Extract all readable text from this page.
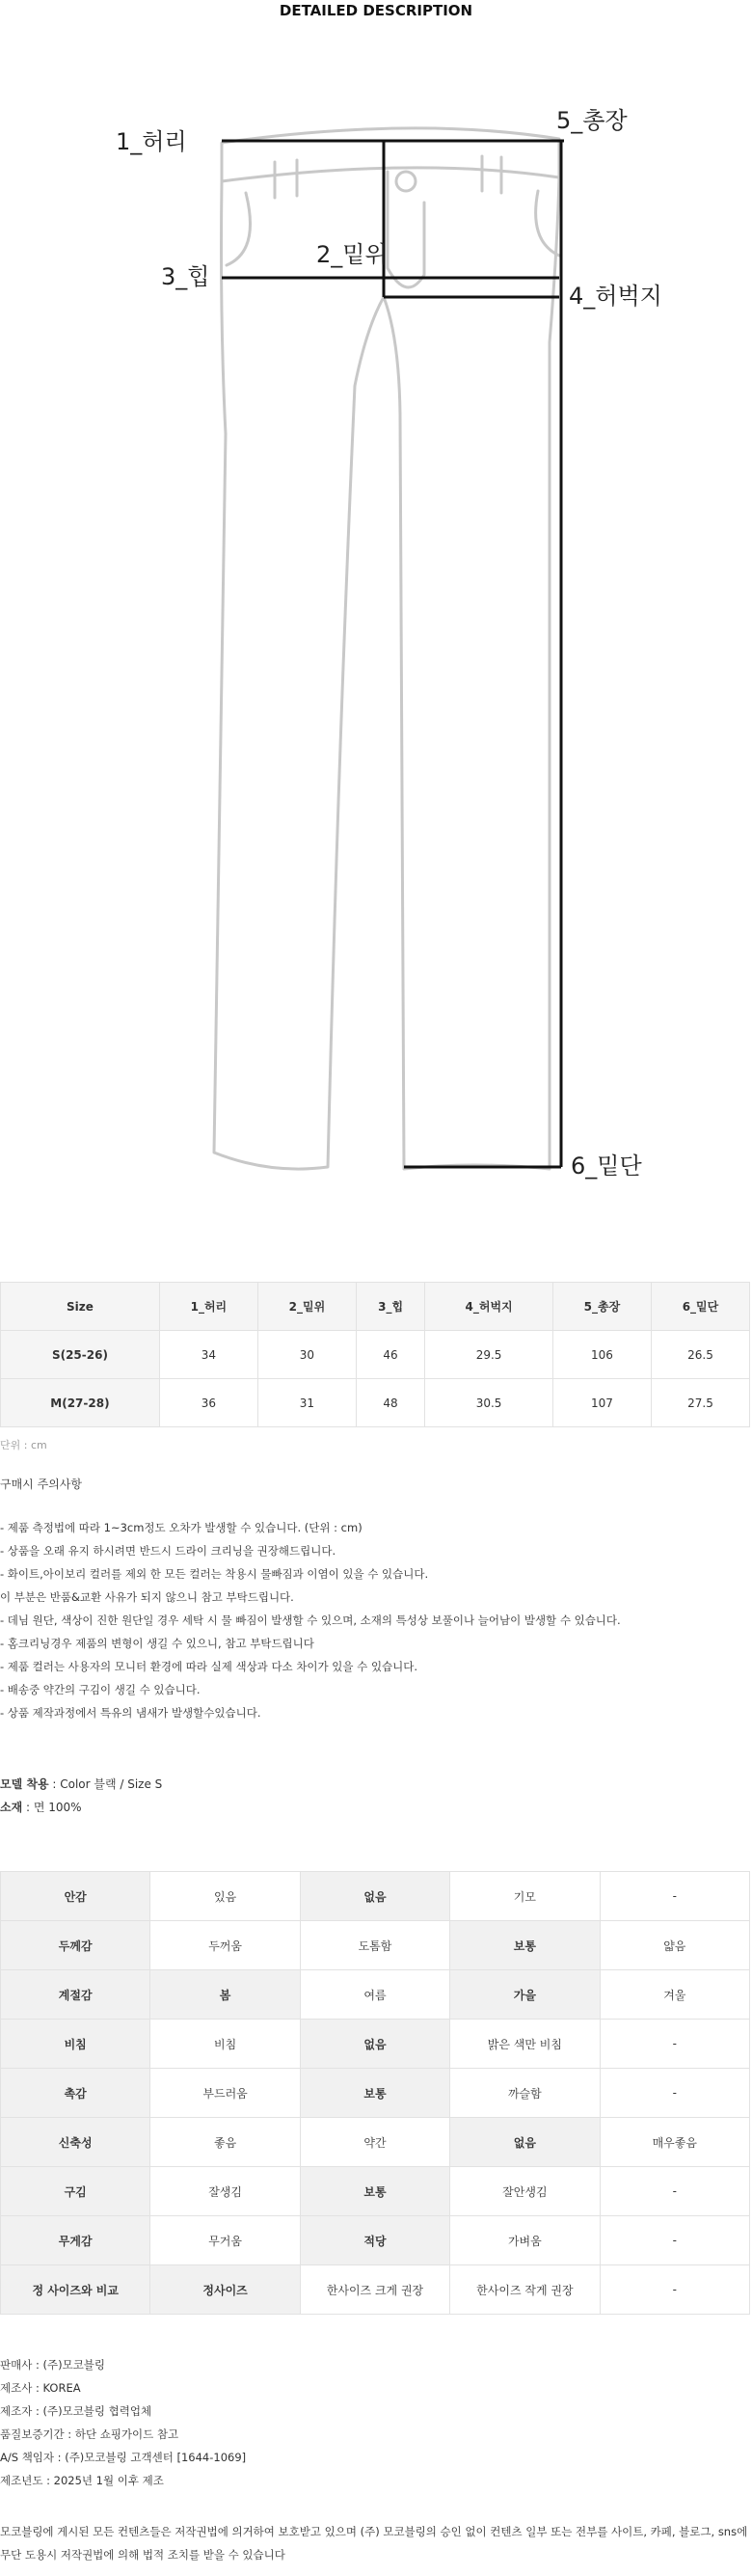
DETAILED DESCRIPTION
1_허리
2_밑위
3_힙
4_허벅지
5_총장
6_밑단
Size	1_허리	2_밑위	3_힙	4_허벅지	5_총장	6_밑단
S(25-26)	34	30	46	29.5	106	26.5
M(27-28)	36	31	48	30.5	107	27.5
단위 : cm
구매시 주의사항
- 제품 측정법에 따라 1~3cm정도 오차가 발생할 수 있습니다. (단위 : cm)
- 상품을 오래 유지 하시려면 반드시 드라이 크리닝을 권장해드립니다.
- 화이트,아이보리 컬러를 제외 한 모든 컬러는 착용시 물빠짐과 이염이 있을 수 있습니다.
이 부분은 반품&교환 사유가 되지 않으니 참고 부탁드립니다.
- 데님 원단, 색상이 진한 원단일 경우 세탁 시 물 빠짐이 발생할 수 있으며, 소재의 특성상 보풀이나 늘어남이 발생할 수 있습니다.
- 홈크리닝경우 제품의 변형이 생길 수 있으니, 참고 부탁드립니다
- 제품 컬러는 사용자의 모니터 환경에 따라 실제 색상과 다소 차이가 있을 수 있습니다.
- 배송중 약간의 구김이 생길 수 있습니다.
- 상품 제작과정에서 특유의 냄새가 발생할수있습니다.
모델 착용 : Color 블랙 / Size S
소재 : 면 100%
안감	있음	없음	기모	-
두께감	두꺼움	도톰함	보통	얇음
계절감	봄	여름	가을	겨울
비침	비침	없음	밝은 색만 비침	-
촉감	부드러움	보통	까슬함	-
신축성	좋음	약간	없음	매우좋음
구김	잘생김	보통	잘안생김	-
무게감	무거움	적당	가벼움	-
정 사이즈와 비교	정사이즈	한사이즈 크게 권장	한사이즈 작게 권장	-
판매사 : (주)모코블링
제조사 : KOREA
제조자 : (주)모코블링 협력업체
품질보증기간 : 하단 쇼핑가이드 참고
A/S 책임자 : (주)모코블링 고객센터 [1644-1069]
제조년도 : 2025년 1월 이후 제조
모코블링에 게시된 모든 컨텐츠들은 저작권법에 의거하여 보호받고 있으며 (주) 모코블링의 승인 없이 컨텐츠 일부 또는 전부를 사이트, 카페, 블로그, sns에
무단 도용시 저작권법에 의해 법적 조치를 받을 수 있습니다
